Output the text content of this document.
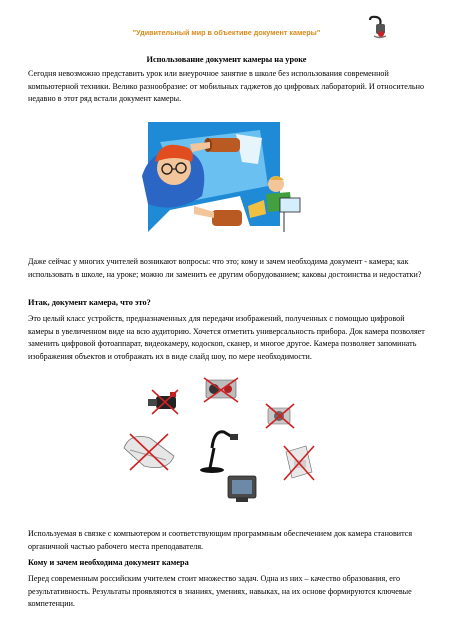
"Удивительный мир в объективе документ камеры"
Использование документ камеры на уроке
Сегодня невозможно представить урок или внеурочное занятие в школе без использования современной компьютерной техники. Велико разнообразие: от мобильных гаджетов до цифровых лабораторий. И относительно недавно в этот ряд встали документ камеры.
Даже сейчас у многих учителей возникают вопросы: что это; кому и зачем необходима документ - камера; как использовать в школе, на уроке; можно ли заменить ее другим оборудованием; каковы достоинства и недостатки?
Итак, документ камера, что это?
Это целый класс устройств, предназначенных для передачи изображений, полученных с помощью цифровой камеры в увеличенном виде на всю аудиторию. Хочется отметить универсальность прибора. Док камера позволяет заменить цифровой фотоаппарат, видеокамеру, кодоскоп, сканер, и многое другое. Камера позволяет запоминать изображения объектов и отображать их в виде слайд шоу, по мере необходимости.
Используемая в связке с компьютером и соответствующим программным обеспечением док камера становится органичной частью рабочего места преподавателя.
Кому и зачем необходима документ камера
Перед современным российским учителем стоит множество задач. Одна из них – качество образования, его результативность. Результаты проявляются в знаниях, умениях, навыках, на их основе формируются ключевые компетенции.
